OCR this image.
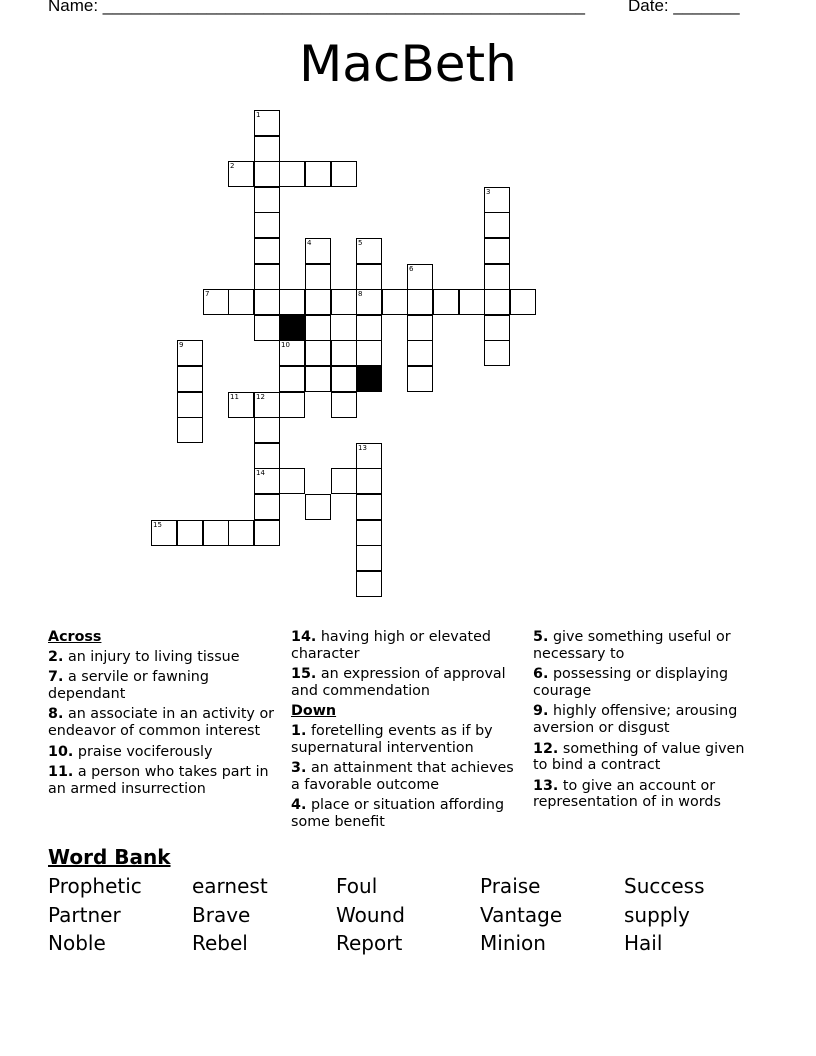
Name: ___________________________________________________	Date: _______
MacBeth
1
2
3
4	5
6
7	8
9	10
11 12
13
14
15
Across
2. an injury to living tissue
7. a servile or fawning dependant
8. an associate in an activity or endeavor of common interest
10. praise vociferously
11. a person who takes part in an armed insurrection
14. having high or elevated character
15. an expression of approval and commendation
Down
1. foretelling events as if by supernatural intervention
3. an attainment that achieves a favorable outcome
4. place or situation affording some benefit
5. give something useful or necessary to
6. possessing or displaying courage
9. highly offensive; arousing aversion or disgust
12. something of value given to bind a contract
13. to give an account or representation of in words
Word Bank
Prophetic	earnest	Foul	Praise	Success
Partner	Brave	Wound	Vantage	supply
Noble	Rebel	Report	Minion	Hail
